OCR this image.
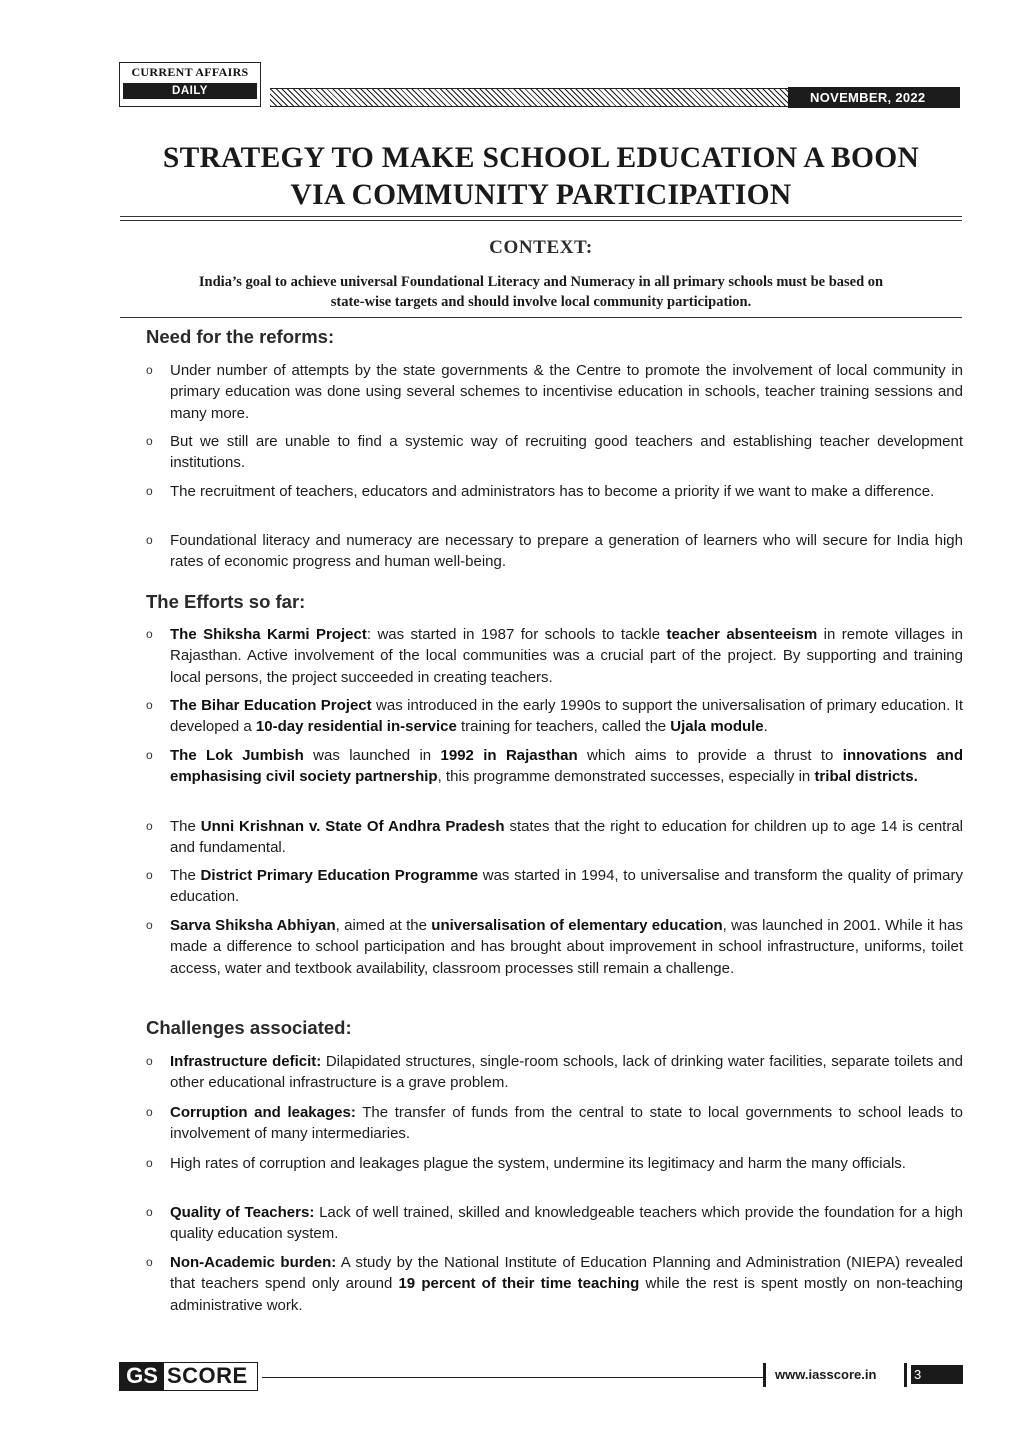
CURRENT AFFAIRS
DAILY	NOVEMBER, 2022
STRATEGY TO MAKE SCHOOL EDUCATION A BOON
VIA COMMUNITY PARTICIPATION
CONTEXT:
India’s goal to achieve universal Foundational Literacy and Numeracy in all primary schools must be based on
state-wise targets and should involve local community participation.
Need for the reforms:
o Under number of attempts by the state governments & the Centre to promote the involvement of local community in primary education was done using several schemes to incentivise education in schools, teacher training sessions and many more.
o But we still are unable to find a systemic way of recruiting good teachers and establishing teacher development institutions.
o The recruitment of teachers, educators and administrators has to become a priority if we want to make a difference.
o Foundational literacy and numeracy are necessary to prepare a generation of learners who will secure for India high rates of economic progress and human well-being.
The Efforts so far:
o The Shiksha Karmi Project: was started in 1987 for schools to tackle teacher absenteeism in remote villages in Rajasthan. Active involvement of the local communities was a crucial part of the project. By supporting and training local persons, the project succeeded in creating teachers.
o The Bihar Education Project was introduced in the early 1990s to support the universalisation of primary education. It developed a 10-day residential in-service training for teachers, called the Ujala module.
o The Lok Jumbish was launched in 1992 in Rajasthan which aims to provide a thrust to innovations and emphasising civil society partnership, this programme demonstrated successes, especially in tribal districts.
o The Unni Krishnan v. State Of Andhra Pradesh states that the right to education for children up to age 14 is central and fundamental.
o The District Primary Education Programme was started in 1994, to universalise and transform the quality of primary education.
o Sarva Shiksha Abhiyan, aimed at the universalisation of elementary education, was launched in 2001. While it has made a difference to school participation and has brought about improvement in school infrastructure, uniforms, toilet access, water and textbook availability, classroom processes still remain a challenge.
Challenges associated:
o Infrastructure deficit: Dilapidated structures, single-room schools, lack of drinking water facilities, separate toilets and other educational infrastructure is a grave problem.
o Corruption and leakages: The transfer of funds from the central to state to local governments to school leads to involvement of many intermediaries.
o High rates of corruption and leakages plague the system, undermine its legitimacy and harm the many officials.
o Quality of Teachers: Lack of well trained, skilled and knowledgeable teachers which provide the foundation for a high quality education system.
o Non-Academic burden: A study by the National Institute of Education Planning and Administration (NIEPA) revealed that teachers spend only around 19 percent of their time teaching while the rest is spent mostly on non-teaching administrative work.
GS SCORE	www.iasscore.in	3
